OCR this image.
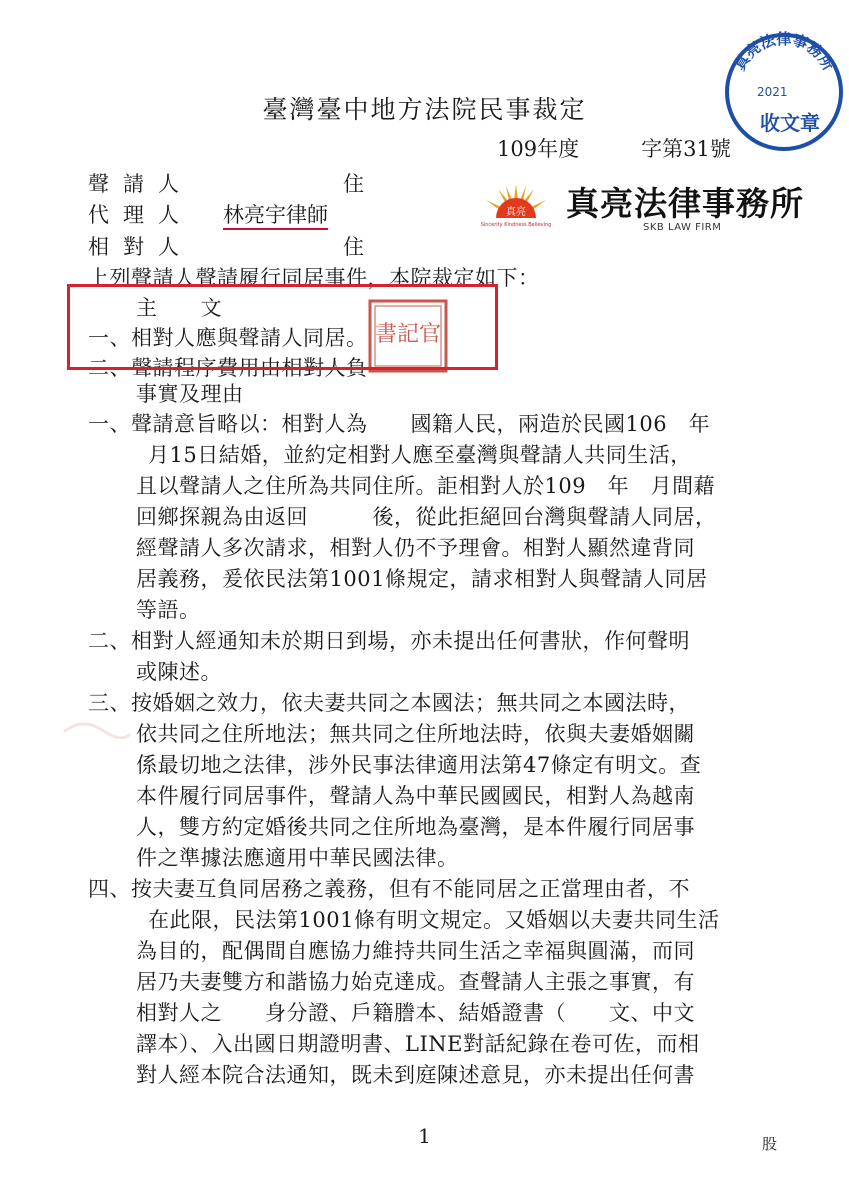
臺灣臺中地方法院民事裁定
109年度	字第31號
聲請人	住
代理人 林亮宇律師
相對人	住
真亮
Sincerity Kindness Believing
真亮法律事務所
SKB LAW FIRM
真亮法律事務所
2021
收文章
上列聲請人聲請履行同居事件，本院裁定如下：
主　　文
一、相對人應與聲請人同居。
二、聲請程序費用由相對人負
書記官
事實及理由
一、聲請意旨略以：相對人為　　國籍人民，兩造於民國106　年
月15日結婚，並約定相對人應至臺灣與聲請人共同生活，
且以聲請人之住所為共同住所。詎相對人於109　年　月間藉
回鄉探親為由返回　　　後，從此拒絕回台灣與聲請人同居，
經聲請人多次請求，相對人仍不予理會。相對人顯然違背同
居義務，爰依民法第1001條規定，請求相對人與聲請人同居
等語。
二、相對人經通知未於期日到場，亦未提出任何書狀，作何聲明
或陳述。
三、按婚姻之效力，依夫妻共同之本國法；無共同之本國法時，
依共同之住所地法；無共同之住所地法時，依與夫妻婚姻關
係最切地之法律，涉外民事法律適用法第47條定有明文。查
本件履行同居事件，聲請人為中華民國國民，相對人為越南
人，雙方約定婚後共同之住所地為臺灣，是本件履行同居事
件之準據法應適用中華民國法律。
四、按夫妻互負同居務之義務，但有不能同居之正當理由者，不
在此限，民法第1001條有明文規定。又婚姻以夫妻共同生活
為目的，配偶間自應協力維持共同生活之幸福與圓滿，而同
居乃夫妻雙方和諧協力始克達成。查聲請人主張之事實，有
相對人之　　身分證、戶籍謄本、結婚證書（　　文、中文
譯本）、入出國日期證明書、LINE對話紀錄在卷可佐，而相
對人經本院合法通知，既未到庭陳述意見，亦未提出任何書
1	股
